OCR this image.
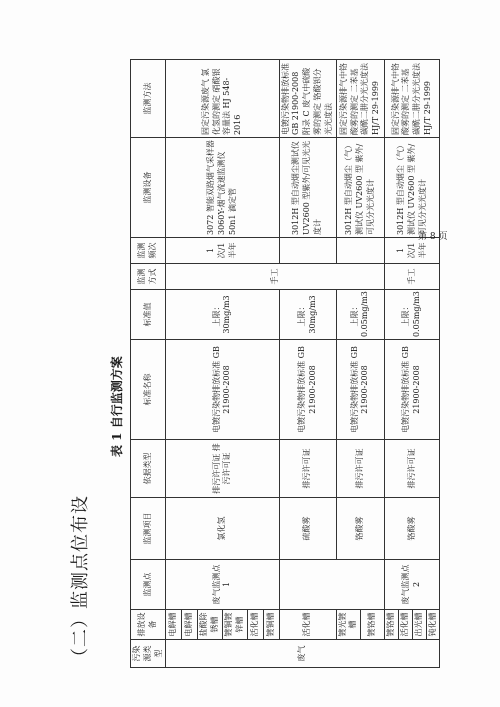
（二）监测点位布设
表 1 自行监测方案
污染源类型	排放设备	监测点	监测项目	依据类型	标准名称	标准值	监测方式	监测频次	监测设备	监测方法
废气	电解槽	废气监测点 1	氯化氢	排污许可证 排污许可证	电镀污染物排放标准 GB 21900-2008	上限：30mg/m3	手工	1 次/1 半年	3072 智能双路烟气采样器 3060Y-烟气流速监测仪 50n1 滴定管	固定污染源废气 氯化氢的测定 硝酸银容量法 HJ 548-2016
	电解槽									
	盐酸除锈槽									
	镀铜镀锌槽									
	活化槽									
	镀铜槽									
	活化槽		硫酸雾	排污许可证	电镀污染物排放标准 GB 21900-2008	上限：30mg/m3			3012H 型自动烟尘测试仪 UV2600 型紫外/可见光光度计	电镀污染物排放标准 GB 21900-2008 附录 C 废气中硫酸雾的测定 铬酸钡分光光度法
	镀光镀槽		铬酸雾	排污许可证	电镀污染物排放标准 GB 21900-2008	上限：0.05mg/m3			3012H 型自动烟尘（气）测试仪 UV2600 型 紫外/可见分光光度计	固定污染源排气中铬酸雾的测定 二苯基碳酰二肼分光光度法 HJ/T 29-1999
	镀铬槽									
	镀铬槽	废气监测点 2	铬酸雾	排污许可证	电镀污染物排放标准 GB 21900-2008	上限：0.05mg/m3	手工	1 次/1 半年	3012H 型自动烟尘（气）测试仪 UV2600 型 紫外/可见分光光度计	固定污染源排气中铬酸雾的测定 二苯基碳酰二肼分光光度法 HJ/T 29-1999
	活化槽									
	出光槽									
	钝化槽									
第 8 页
